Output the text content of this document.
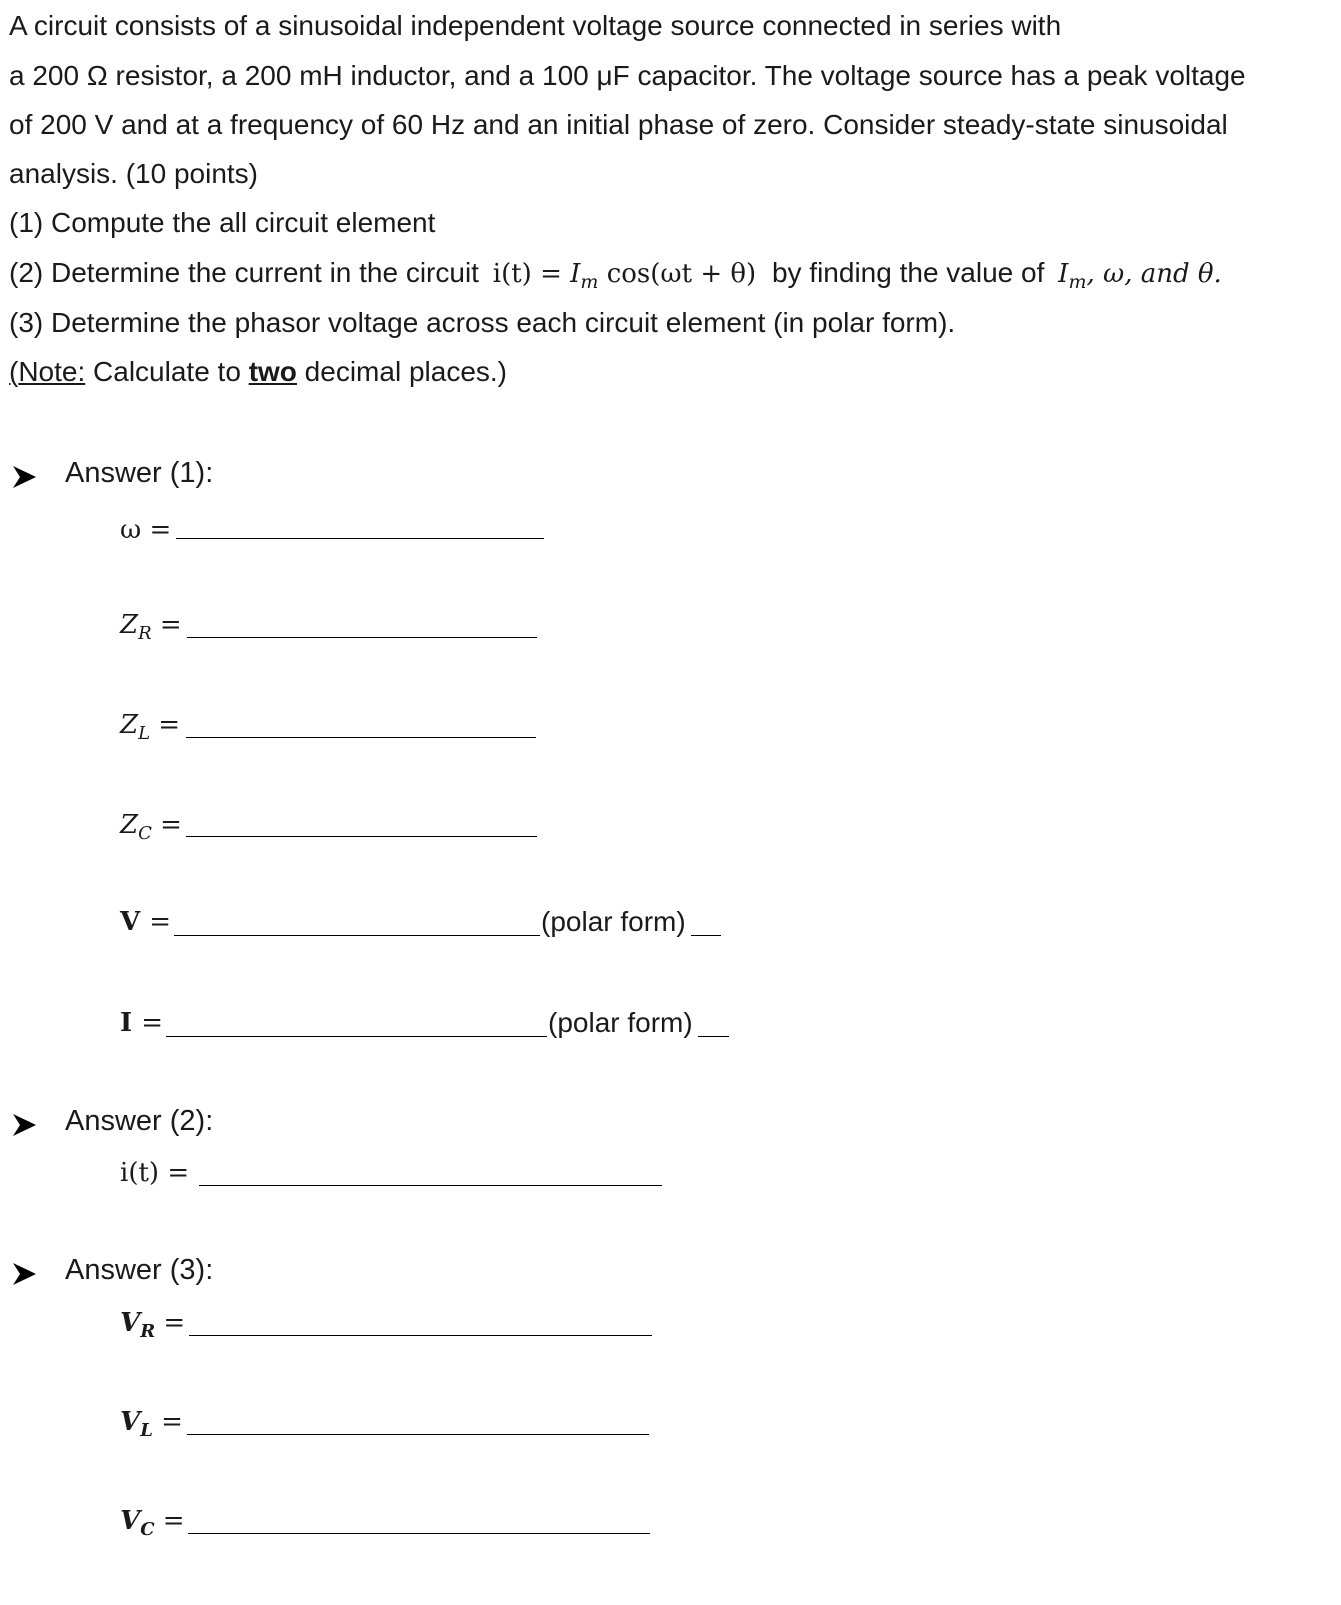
A circuit consists of a sinusoidal independent voltage source connected in series with
a 200 Ω resistor, a 200 mH inductor, and a 100 μF capacitor. The voltage source has a peak voltage
of 200 V and at a frequency of 60 Hz and an initial phase of zero. Consider steady-state sinusoidal
analysis. (10 points)
(1) Compute the all circuit element
(2) Determine the current in the circuit $i(t) = I_m$ cos(ωt + θ) by finding the value of $I_m$, ω, and θ.
(3) Determine the phasor voltage across each circuit element (in polar form).
(Note: Calculate to two decimal places.)
Answer (1):
ω =
$Z_R$ =
$Z_L$ =
$Z_C$ =
V =	(polar form)
I =	(polar form)
Answer (2):
i(t) =
Answer (3):
$V_R$ =
$V_L$ =
$V_C$ =
